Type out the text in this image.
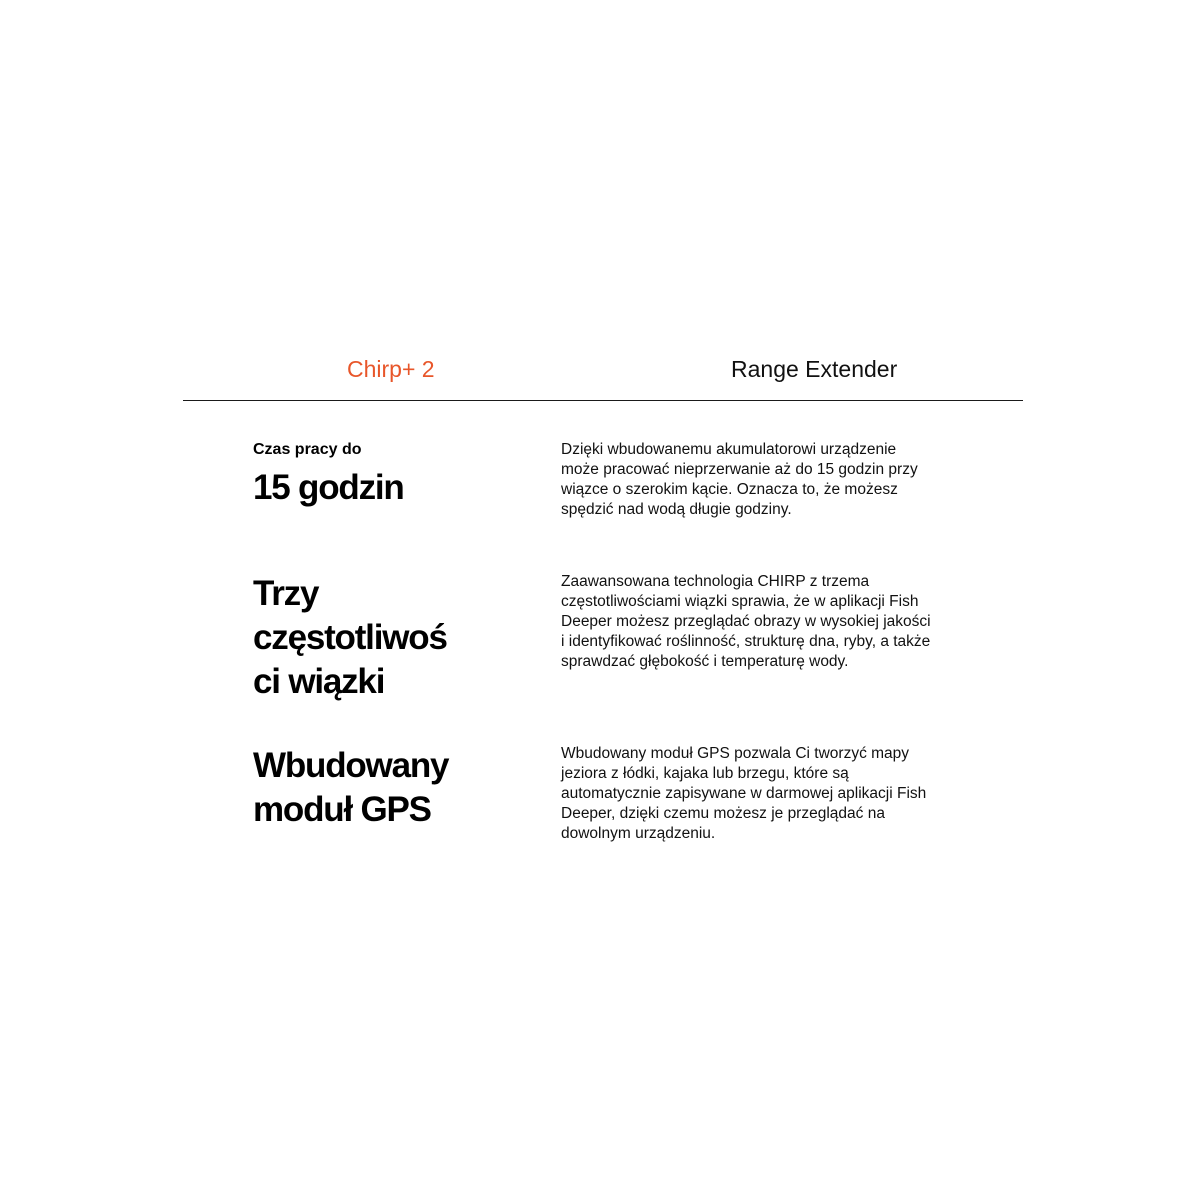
Chirp+ 2	Range Extender

Czas pracy do

15 godzin

Dzięki wbudowanemu akumulatorowi urządzenie
może pracować nieprzerwanie aż do 15 godzin przy
wiązce o szerokim kącie. Oznacza to, że możesz
spędzić nad wodą długie godziny.

Trzy

częstotliwoś

ci wiązki

Zaawansowana technologia CHIRP z trzema
częstotliwościami wiązki sprawia, że w aplikacji Fish
Deeper możesz przeglądać obrazy w wysokiej jakości
i identyfikować roślinność, strukturę dna, ryby, a także
sprawdzać głębokość i temperaturę wody.

Wbudowany

moduł GPS

Wbudowany moduł GPS pozwala Ci tworzyć mapy
jeziora z łódki, kajaka lub brzegu, które są
automatycznie zapisywane w darmowej aplikacji Fish
Deeper, dzięki czemu możesz je przeglądać na
dowolnym urządzeniu.
